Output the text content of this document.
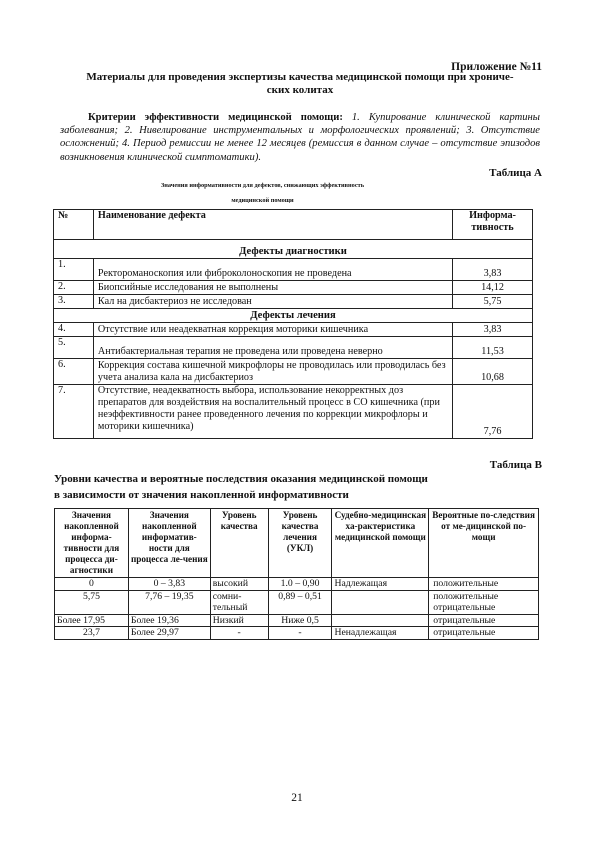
Приложение №11
Материалы для проведения экспертизы качества медицинской помощи при хрониче-
ских колитах
Критерии эффективности медицинской помощи: 1. Купирование клинической картины заболевания; 2. Нивелирование инструментальных и морфологических проявлений; 3. Отсутствие осложнений; 4. Период ремиссии не менее 12 месяцев (ремиссия в данном случае – отсутствие эпизодов возникновения клинической симптоматики).
Таблица А
Значения информативности для дефектов, снижающих эффективность
медицинской помощи
№	Наименование дефекта	Информа-тивность
Дефекты диагностики		
1.	Ректороманоскопия или фиброколоноскопия не проведена	3,83
2.	Биопсийные исследования не выполнены	14,12
3.	Кал на дисбактериоз не исследован	5,75
Дефекты лечения		
4.	Отсутствие или неадекватная коррекция моторики кишечника	3,83
5.	Антибактериальная терапия не проведена или проведена неверно	11,53
6.	Коррекция состава кишечной микрофлоры не проводилась или проводилась без учета анализа кала на дисбактериоз	10,68
7.	Отсутствие, неадекватность выбора, использование некорректных доз препаратов для воздействия на воспалительный процесс в СО кишечника (при неэффективности ранее проведенного лечения по коррекции микрофлоры и моторики кишечника)	7,76
Таблица В
Уровни качества и вероятные последствия оказания медицинской помощи
в зависимости от значения накопленной информативности
Значения накопленной информа-тивности для процесса ди-агностики	Значения накопленной информатив-ности для процесса ле-чения	Уровень качества	Уровень качества лечения (УКЛ)	Судебно-медицинская ха-рактеристика медицинской помощи	Вероятные по-следствия от ме-дицинской по-мощи
0	0 – 3,83	высокий	1.0 – 0,90	Надлежащая	положительные
5,75	7,76 – 19,35	сомни-тельный	0,89 – 0,51		положительные отрицательные
Более 17,95	Более 19,36	Низкий	Ниже 0,5		отрицательные
23,7	Более 29,97	-	-	Ненадлежащая	отрицательные
21
